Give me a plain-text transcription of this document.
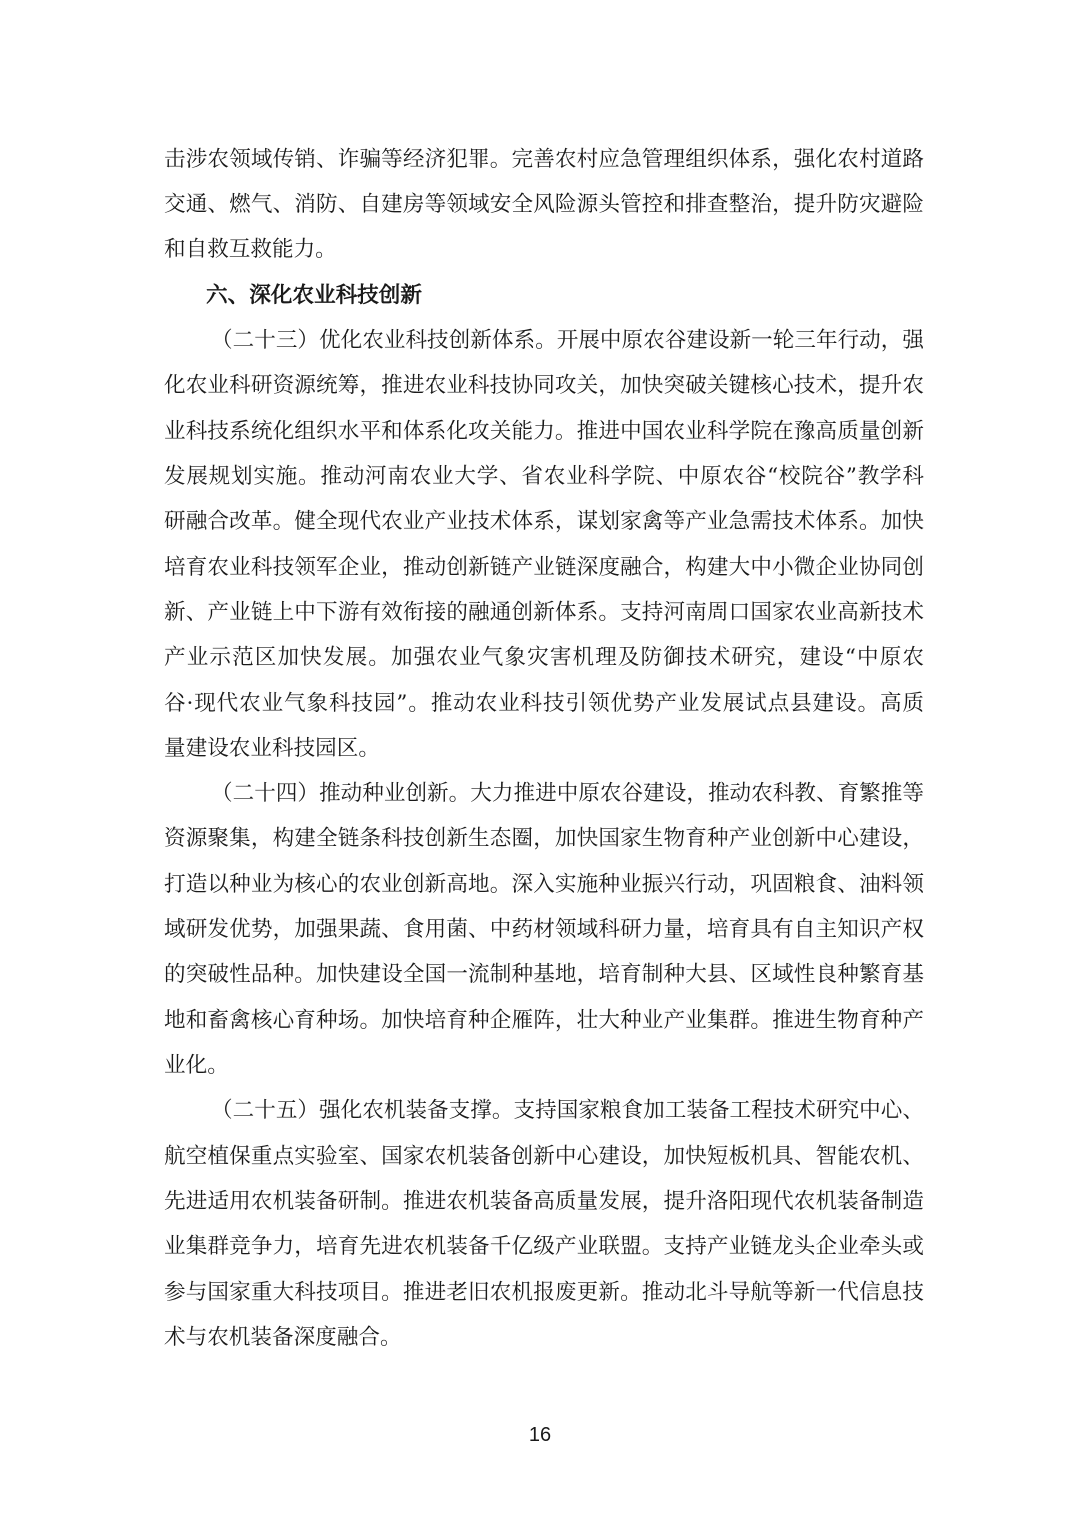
击涉农领域传销、诈骗等经济犯罪。完善农村应急管理组织体系，强化农村道路
交通、燃气、消防、自建房等领域安全风险源头管控和排查整治，提升防灾避险
和自救互救能力。
六、深化农业科技创新
（二十三）优化农业科技创新体系。开展中原农谷建设新一轮三年行动，强
化农业科研资源统筹，推进农业科技协同攻关，加快突破关键核心技术，提升农
业科技系统化组织水平和体系化攻关能力。推进中国农业科学院在豫高质量创新
发展规划实施。推动河南农业大学、省农业科学院、中原农谷“校院谷”教学科
研融合改革。健全现代农业产业技术体系，谋划家禽等产业急需技术体系。加快
培育农业科技领军企业，推动创新链产业链深度融合，构建大中小微企业协同创
新、产业链上中下游有效衔接的融通创新体系。支持河南周口国家农业高新技术
产业示范区加快发展。加强农业气象灾害机理及防御技术研究，建设“中原农
谷·现代农业气象科技园”。推动农业科技引领优势产业发展试点县建设。高质
量建设农业科技园区。
（二十四）推动种业创新。大力推进中原农谷建设，推动农科教、育繁推等
资源聚集，构建全链条科技创新生态圈，加快国家生物育种产业创新中心建设，
打造以种业为核心的农业创新高地。深入实施种业振兴行动，巩固粮食、油料领
域研发优势，加强果蔬、食用菌、中药材领域科研力量，培育具有自主知识产权
的突破性品种。加快建设全国一流制种基地，培育制种大县、区域性良种繁育基
地和畜禽核心育种场。加快培育种企雁阵，壮大种业产业集群。推进生物育种产
业化。
（二十五）强化农机装备支撑。支持国家粮食加工装备工程技术研究中心、
航空植保重点实验室、国家农机装备创新中心建设，加快短板机具、智能农机、
先进适用农机装备研制。推进农机装备高质量发展，提升洛阳现代农机装备制造
业集群竞争力，培育先进农机装备千亿级产业联盟。支持产业链龙头企业牵头或
参与国家重大科技项目。推进老旧农机报废更新。推动北斗导航等新一代信息技
术与农机装备深度融合。
16
